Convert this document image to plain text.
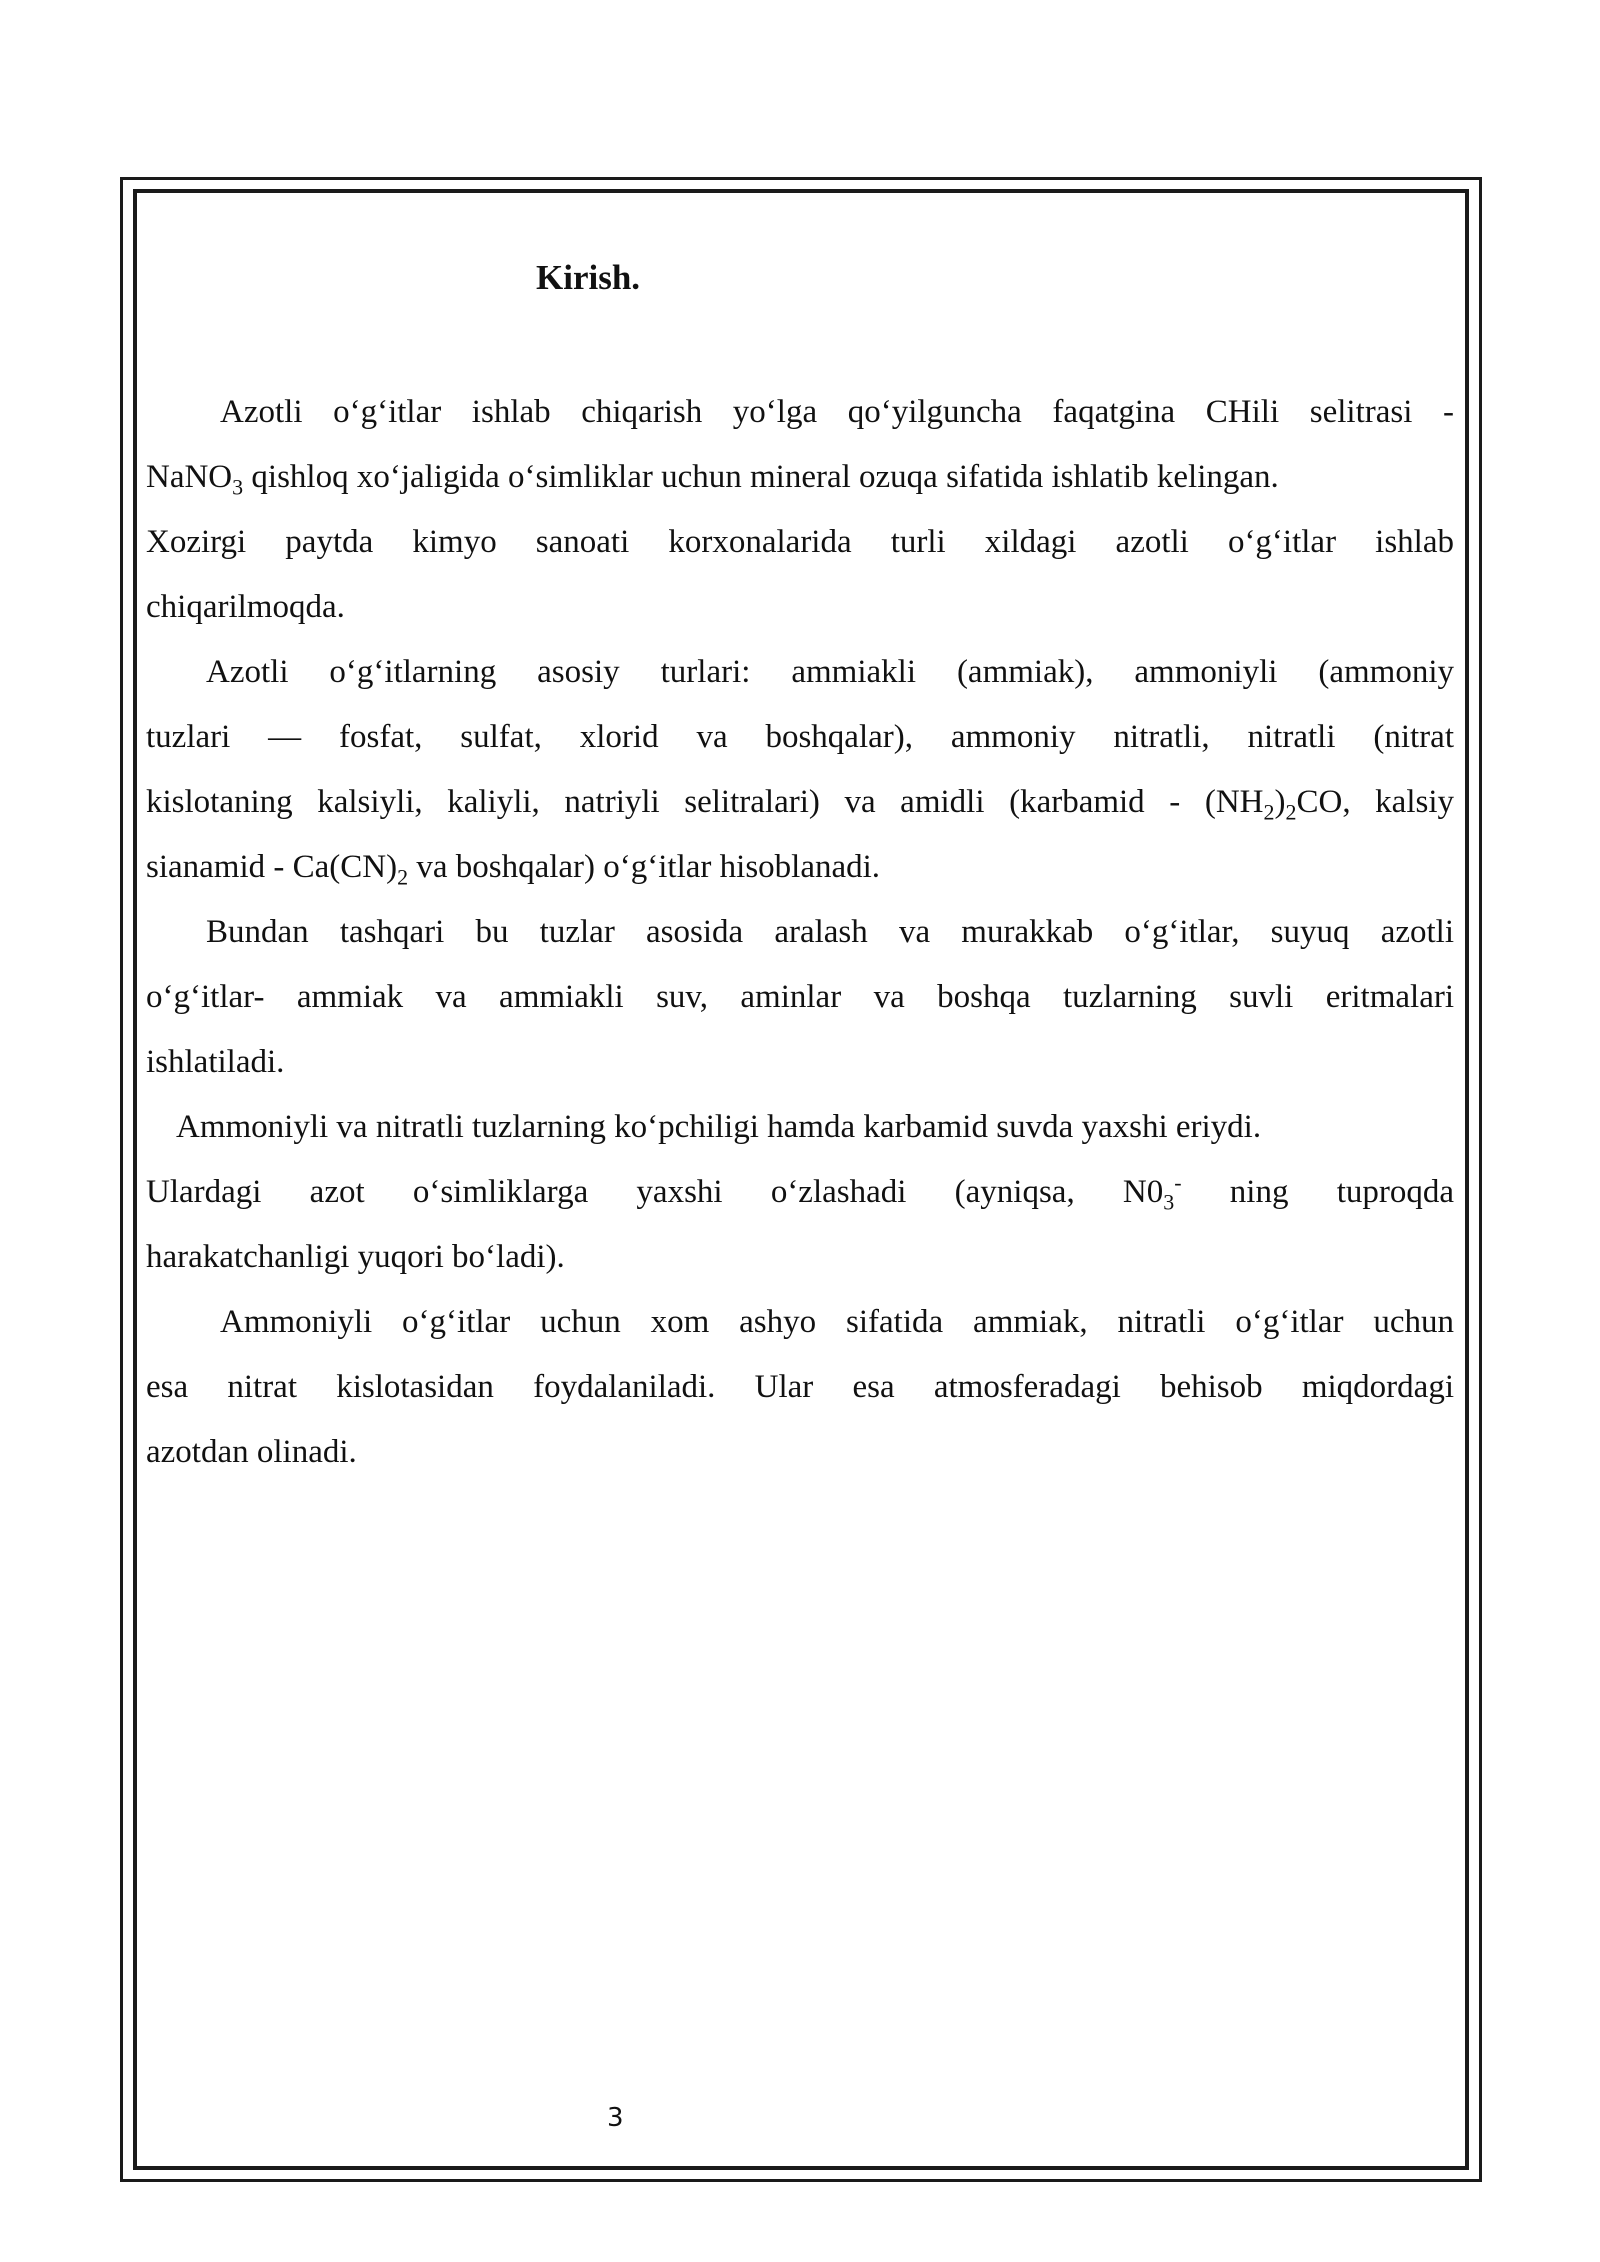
Kirish.

Azotli o‘g‘itlar ishlab chiqarish yo‘lga qo‘yilguncha faqatgina CHili selitrasi -
NaNO$_3$ qishloq xo‘jaligida o‘simliklar uchun mineral ozuqa sifatida ishlatib kelingan.
Xozirgi paytda kimyo sanoati korxonalarida turli xildagi azotli o‘g‘itlar ishlab
chiqarilmoqda.

Azotli o‘g‘itlarning asosiy turlari: ammiakli (ammiak), ammoniyli (ammoniy
tuzlari — fosfat, sulfat, xlorid va boshqalar), ammoniy nitratli, nitratli (nitrat
kislotaning kalsiyli, kaliyli, natriyli selitralari) va amidli (karbamid - $(NH_2)_2CO$, kalsiy
sianamid - $Ca(CN)_2$ va boshqalar) o‘g‘itlar hisoblanadi.

Bundan tashqari bu tuzlar asosida aralash va murakkab o‘g‘itlar, suyuq azotli
o‘g‘itlar- ammiak va ammiakli suv, aminlar va boshqa tuzlarning suvli eritmalari
ishlatiladi.

Ammoniyli va nitratli tuzlarning ko‘pchiligi hamda karbamid suvda yaxshi eriydi.
Ulardagi azot o‘simliklarga yaxshi o‘zlashadi (ayniqsa, $N0_3^-$ ning tuproqda
harakatchanligi yuqori bo‘ladi).

Ammoniyli o‘g‘itlar uchun xom ashyo sifatida ammiak, nitratli o‘g‘itlar uchun
esa nitrat kislotasidan foydalaniladi. Ular esa atmosferadagi behisob miqdordagi
azotdan olinadi.

3
